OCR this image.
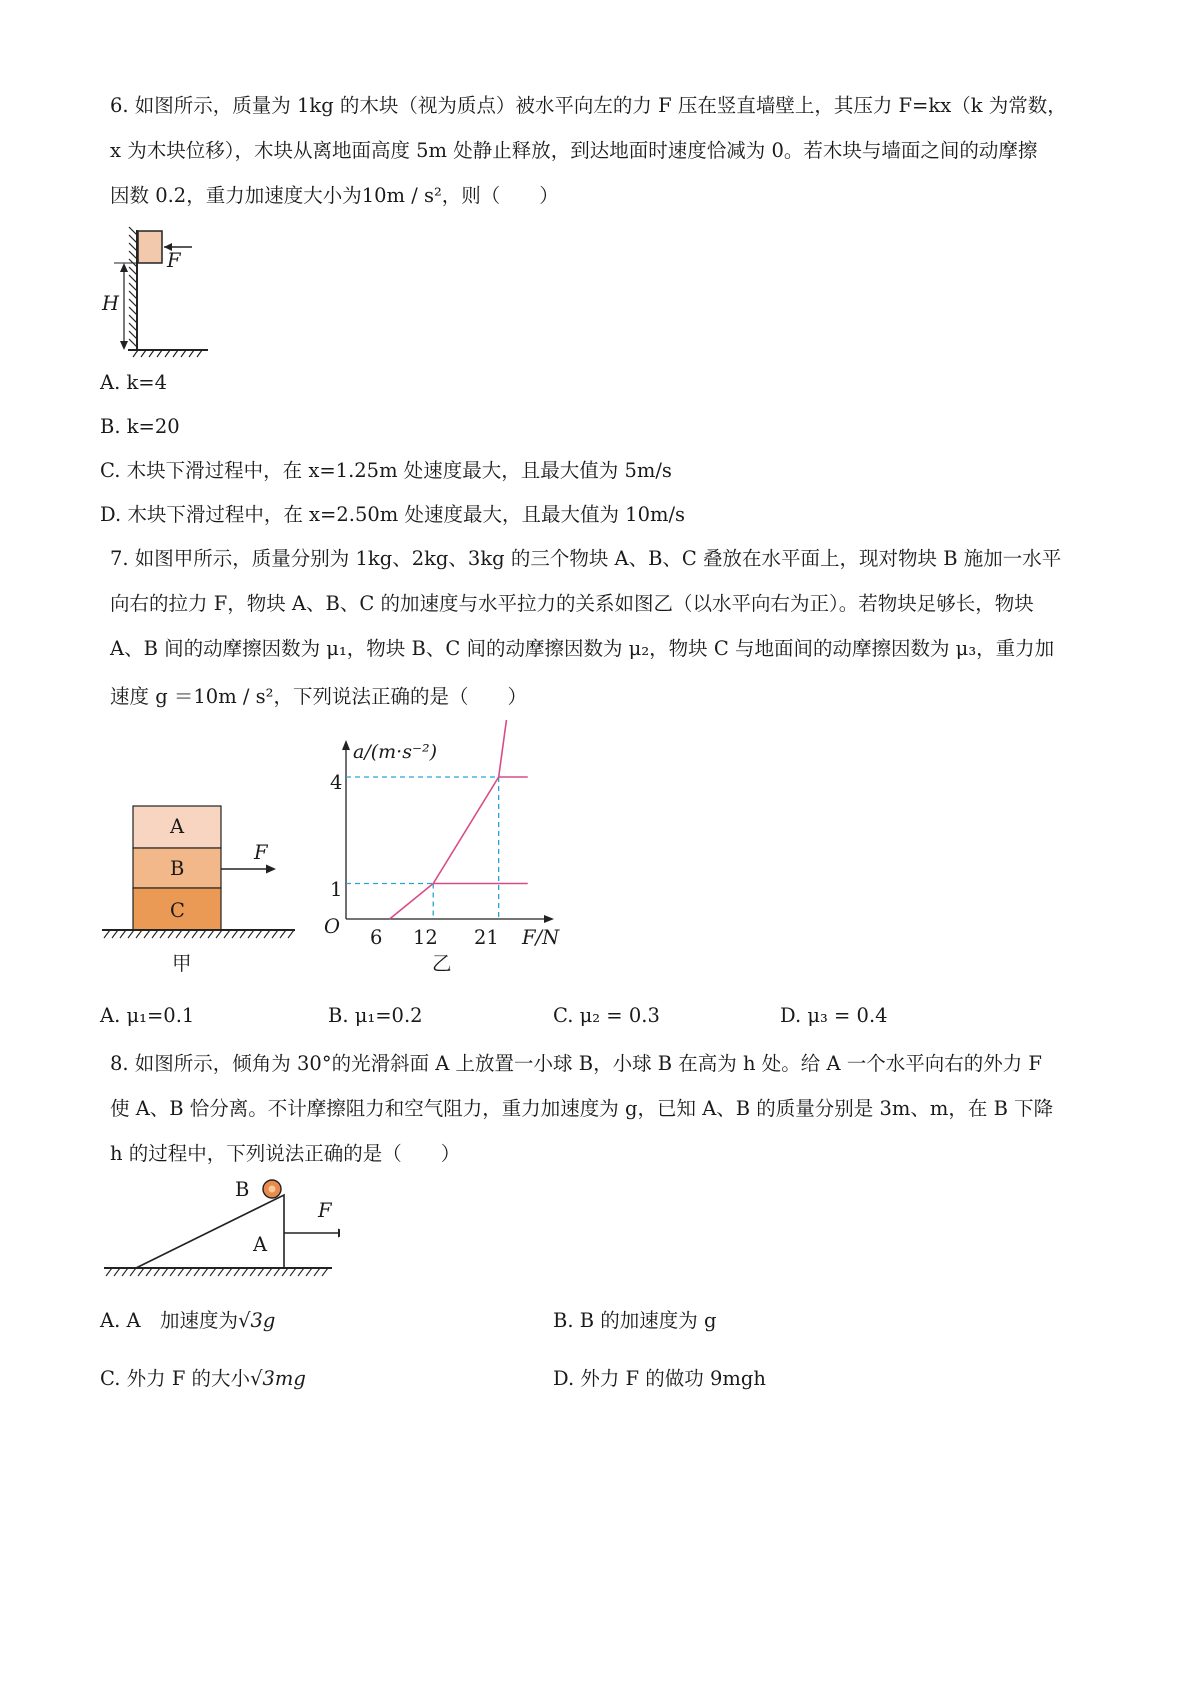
6. 如图所示，质量为 1kg 的木块（视为质点）被水平向左的力 F 压在竖直墙壁上，其压力 F=kx（k 为常数，
x 为木块位移），木块从离地面高度 5m 处静止释放，到达地面时速度恰减为 0。若木块与墙面之间的动摩擦
因数 0.2，重力加速度大小为10m / s²，则（　　）
F
H
A. k=4
B. k=20
C. 木块下滑过程中，在 x=1.25m 处速度最大，且最大值为 5m/s
D. 木块下滑过程中，在 x=2.50m 处速度最大，且最大值为 10m/s
7. 如图甲所示，质量分别为 1kg、2kg、3kg 的三个物块 A、B、C 叠放在水平面上，现对物块 B 施加一水平
向右的拉力 F，物块 A、B、C 的加速度与水平拉力的关系如图乙（以水平向右为正）。若物块足够长，物块
A、B 间的动摩擦因数为 μ₁，物块 B、C 间的动摩擦因数为 μ₂，物块 C 与地面间的动摩擦因数为 μ₃，重力加
速度 g ＝10m / s²，下列说法正确的是（　　）
A
B
C
F
甲
a/(m·s⁻²)
O	F/N
6 12 21
1
4
乙
A. μ₁=0.1	B. μ₁=0.2	C. μ₂ = 0.3	D. μ₃ = 0.4
8. 如图所示，倾角为 30°的光滑斜面 A 上放置一小球 B，小球 B 在高为 h 处。给 A 一个水平向右的外力 F
使 A、B 恰分离。不计摩擦阻力和空气阻力，重力加速度为 g，已知 A、B 的质量分别是 3m、m，在 B 下降
h 的过程中，下列说法正确的是（　　）
B
A
F
A. A　加速度为√3g	B. B 的加速度为 g
C. 外力 F 的大小√3mg	D. 外力 F 的做功 9mgh
